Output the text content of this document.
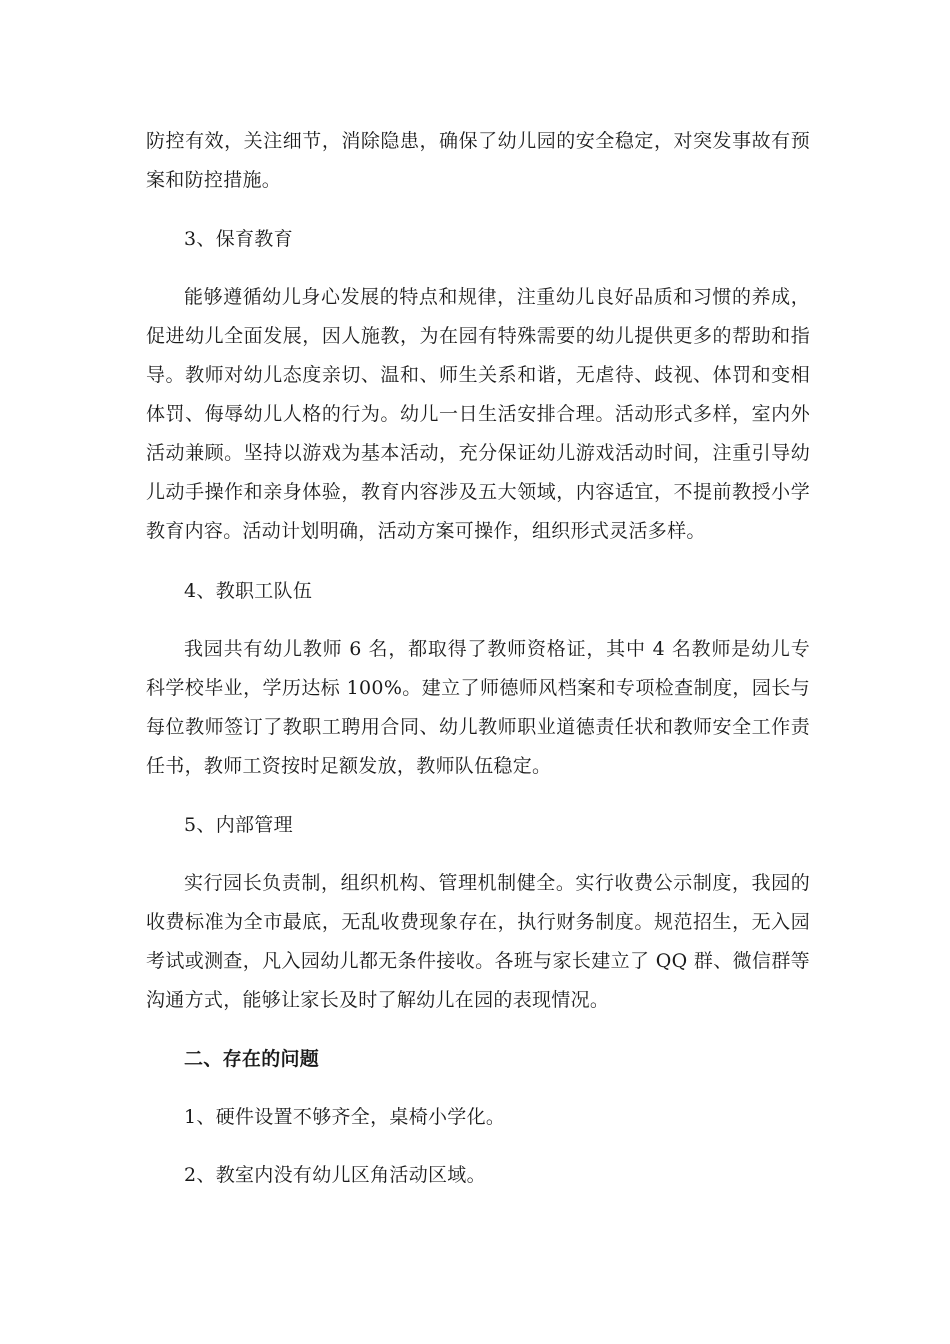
防控有效，关注细节，消除隐患，确保了幼儿园的安全稳定，对突发事故有预案和防控措施。

3、保育教育

能够遵循幼儿身心发展的特点和规律，注重幼儿良好品质和习惯的养成，促进幼儿全面发展，因人施教，为在园有特殊需要的幼儿提供更多的帮助和指导。教师对幼儿态度亲切、温和、师生关系和谐，无虐待、歧视、体罚和变相体罚、侮辱幼儿人格的行为。幼儿一日生活安排合理。活动形式多样，室内外活动兼顾。坚持以游戏为基本活动，充分保证幼儿游戏活动时间，注重引导幼儿动手操作和亲身体验，教育内容涉及五大领域，内容适宜，不提前教授小学教育内容。活动计划明确，活动方案可操作，组织形式灵活多样。

4、教职工队伍

我园共有幼儿教师 6 名，都取得了教师资格证，其中 4 名教师是幼儿专科学校毕业，学历达标 100%。建立了师德师风档案和专项检查制度，园长与每位教师签订了教职工聘用合同、幼儿教师职业道德责任状和教师安全工作责任书，教师工资按时足额发放，教师队伍稳定。

5、内部管理

实行园长负责制，组织机构、管理机制健全。实行收费公示制度，我园的收费标准为全市最底，无乱收费现象存在，执行财务制度。规范招生，无入园考试或测查，凡入园幼儿都无条件接收。各班与家长建立了 QQ 群、微信群等沟通方式，能够让家长及时了解幼儿在园的表现情况。

二、存在的问题

1、硬件设置不够齐全，桌椅小学化。

2、教室内没有幼儿区角活动区域。
